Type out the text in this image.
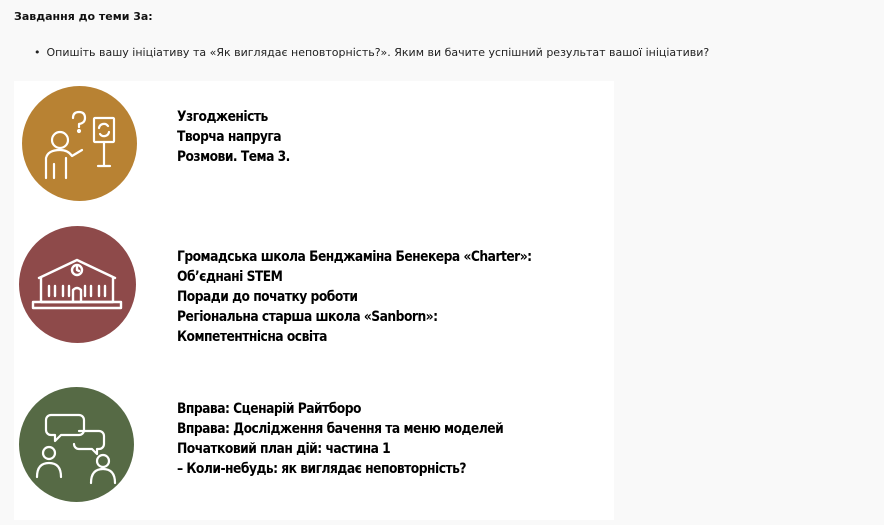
Завдання до теми 3а:
• Опишіть вашу ініціативу та «Як виглядає неповторність?». Яким ви бачите успішний результат вашої ініціативи?
Узгодженість
Творча напруга
Розмови. Тема 3.
Громадська школа Бенджаміна Бенекера «Charter»:
Об’єднані STEM
Поради до початку роботи
Регіональна старша школа «Sanborn»:
Компетентнісна освіта
Вправа: Сценарій Райтборо
Вправа: Дослідження бачення та меню моделей
Початковий план дій: частина 1
– Коли-небудь: як виглядає неповторність?
